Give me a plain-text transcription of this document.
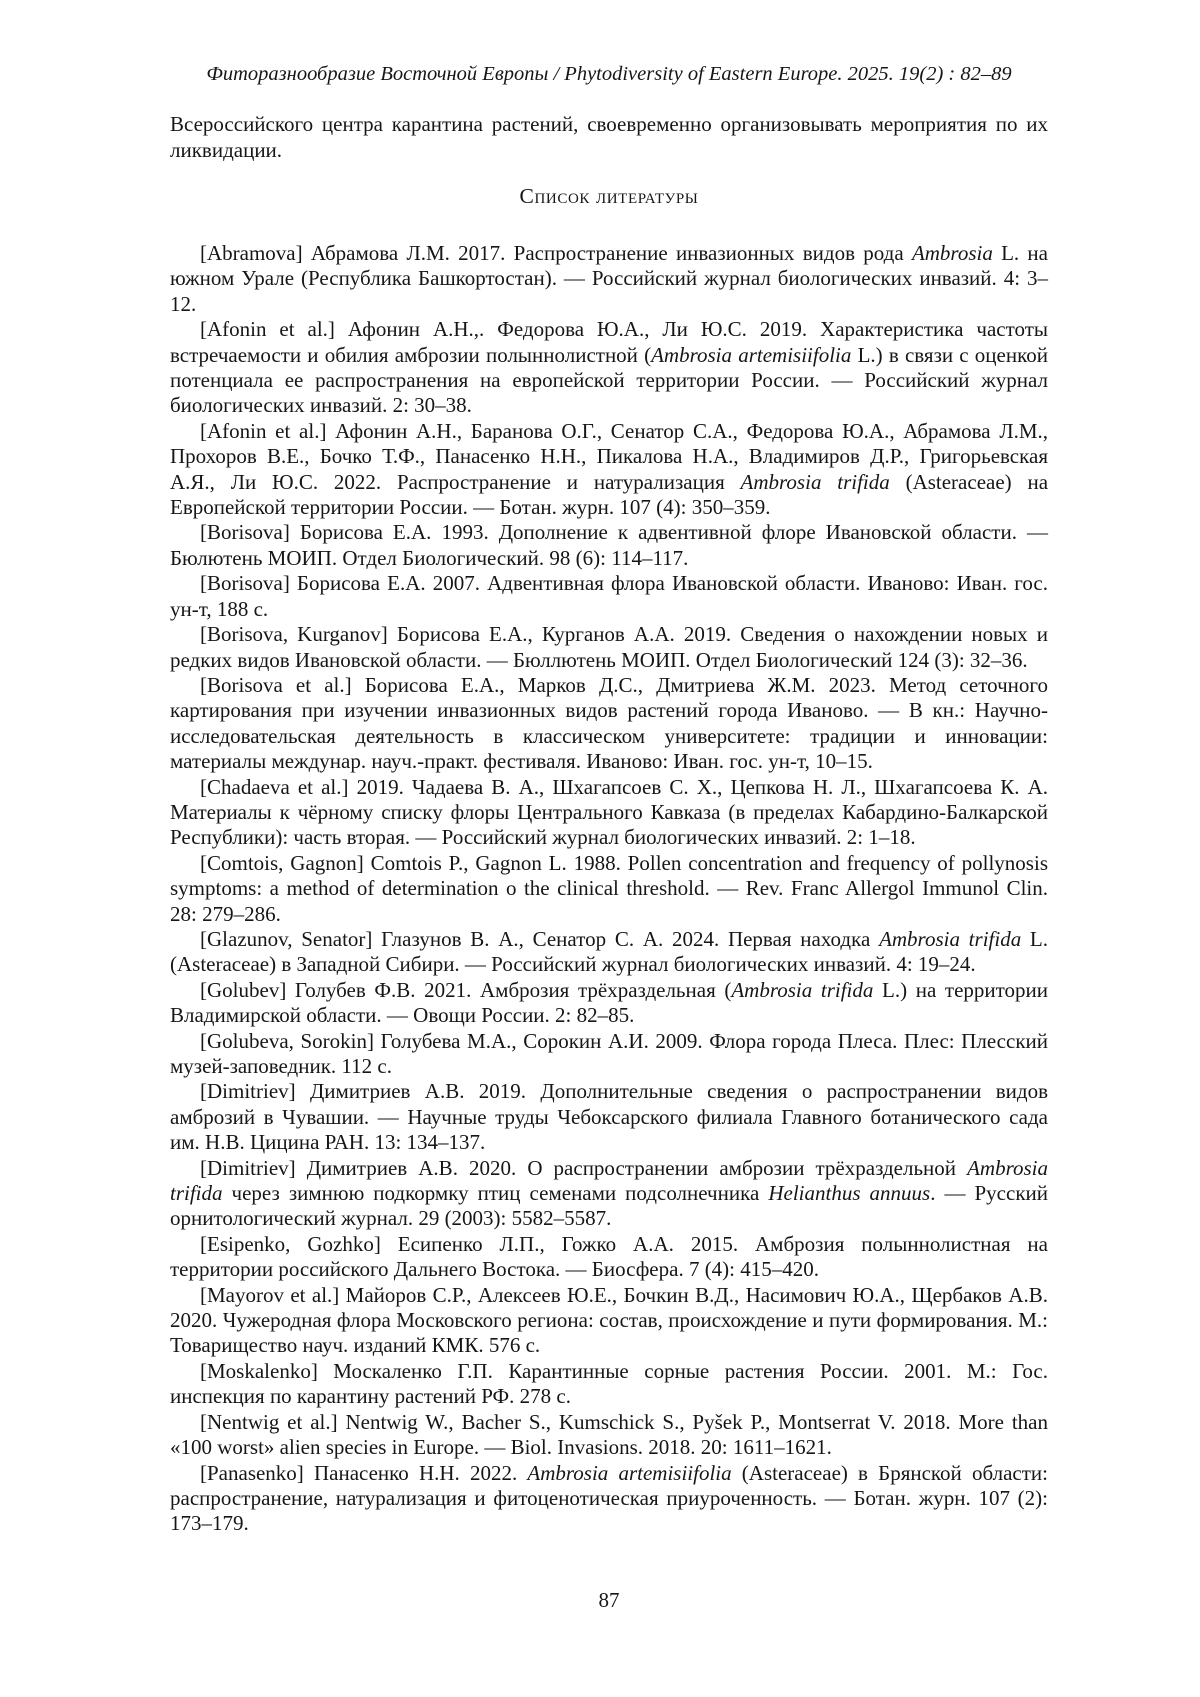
Фиторазнообразие Восточной Европы / Phytodiversity of Eastern Europe. 2025. 19(2) : 82–89
Всероссийского центра карантина растений, своевременно организовывать мероприятия по их ликвидации.
Список литературы

[Abramova] Абрамова Л.М. 2017. Распространение инвазионных видов рода Ambrosia L. на южном Урале (Республика Башкортостан). — Российский журнал биологических инвазий. 4: 3–12.

[Afonin et al.] Афонин А.Н.,. Федорова Ю.А., Ли Ю.С. 2019. Характеристика частоты встречаемости и обилия амброзии полыннолистной (Ambrosia artemisiifolia L.) в связи с оценкой потенциала ее распространения на европейской территории России. — Российский журнал биологических инвазий. 2: 30–38.

[Afonin et al.] Афонин А.Н., Баранова О.Г., Сенатор С.А., Федорова Ю.А., Абрамова Л.М., Прохоров В.Е., Бочко Т.Ф., Панасенко Н.Н., Пикалова Н.А., Владимиров Д.Р., Григорьевская А.Я., Ли Ю.С. 2022. Распространение и натурализация Ambrosia trifida (Asteraceae) на Европейской территории России. — Ботан. журн. 107 (4): 350–359.

[Borisova] Борисова Е.А. 1993. Дополнение к адвентивной флоре Ивановской области. — Бюлютень МОИП. Отдел Биологический. 98 (6): 114–117.

[Borisova] Борисова Е.А. 2007. Адвентивная флора Ивановской области. Иваново: Иван. гос. ун-т, 188 с.

[Borisova, Kurganov] Борисова Е.А., Курганов А.А. 2019. Сведения о нахождении новых и редких видов Ивановской области. — Бюллютень МОИП. Отдел Биологический 124 (3): 32–36.

[Borisova et al.] Борисова Е.А., Марков Д.С., Дмитриева Ж.М. 2023. Метод сеточного картирования при изучении инвазионных видов растений города Иваново. — В кн.: Научно-исследовательская деятельность в классическом университете: традиции и инновации: материалы междунар. науч.-практ. фестиваля. Иваново: Иван. гос. ун-т, 10–15.

[Chadaeva et al.] 2019. Чадаева В. А., Шхагапсоев С. Х., Цепкова Н. Л., Шхагапсоева К. А. Материалы к чёрному списку флоры Центрального Кавказа (в пределах Кабардино-Балкарской Республики): часть вторая. — Российский журнал биологических инвазий. 2: 1–18.

[Comtois, Gagnon] Comtois P., Gagnon L. 1988. Pollen concentration and frequency of pollynosis symptoms: a method of determination o the clinical threshold. — Rev. Franc Allergol Immunol Clin. 28: 279–286.

[Glazunov, Senator] Глазунов В. А., Сенатор С. А. 2024. Первая находка Ambrosia trifida L. (Asteraceae) в Западной Сибири. — Российский журнал биологических инвазий. 4: 19–24.

[Golubev] Голубев Ф.В. 2021. Амброзия трёхраздельная (Ambrosia trifida L.) на территории Владимирской области. — Овощи России. 2: 82–85.

[Golubeva, Sorokin] Голубева М.А., Сорокин А.И. 2009. Флора города Плеса. Плес: Плесский музей-заповедник. 112 с.

[Dimitriev] Димитриев А.В. 2019. Дополнительные сведения о распространении видов амброзий в Чувашии. — Научные труды Чебоксарского филиала Главного ботанического сада им. Н.В. Цицина РАН. 13: 134–137.

[Dimitriev] Димитриев А.В. 2020. О распространении амброзии трёхраздельной Ambrosia trifida через зимнюю подкормку птиц семенами подсолнечника Helianthus annuus. — Русский орнитологический журнал. 29 (2003): 5582–5587.

[Esipenko, Gozhko] Есипенко Л.П., Гожко А.А. 2015. Амброзия полыннолистная на территории российского Дальнего Востока. — Биосфера. 7 (4): 415–420.

[Mayorov et al.] Майоров С.Р., Алексеев Ю.Е., Бочкин В.Д., Насимович Ю.А., Щербаков А.В. 2020. Чужеродная флора Московского региона: состав, происхождение и пути формирования. М.: Товарищество науч. изданий КМК. 576 с.

[Moskalenko] Москаленко Г.П. Карантинные сорные растения России. 2001. М.: Гос. инспекция по карантину растений РФ. 278 с.

[Nentwig et al.] Nentwig W., Bacher S., Kumschick S., Pyšek P., Montserrat V. 2018. More than «100 worst» alien species in Europe. — Biol. Invasions. 2018. 20: 1611–1621.

[Panasenko] Панасенко Н.Н. 2022. Ambrosia artemisiifolia (Asteraceae) в Брянской области: распространение, натурализация и фитоценотическая приуроченность. — Ботан. журн. 107 (2): 173–179.

87
